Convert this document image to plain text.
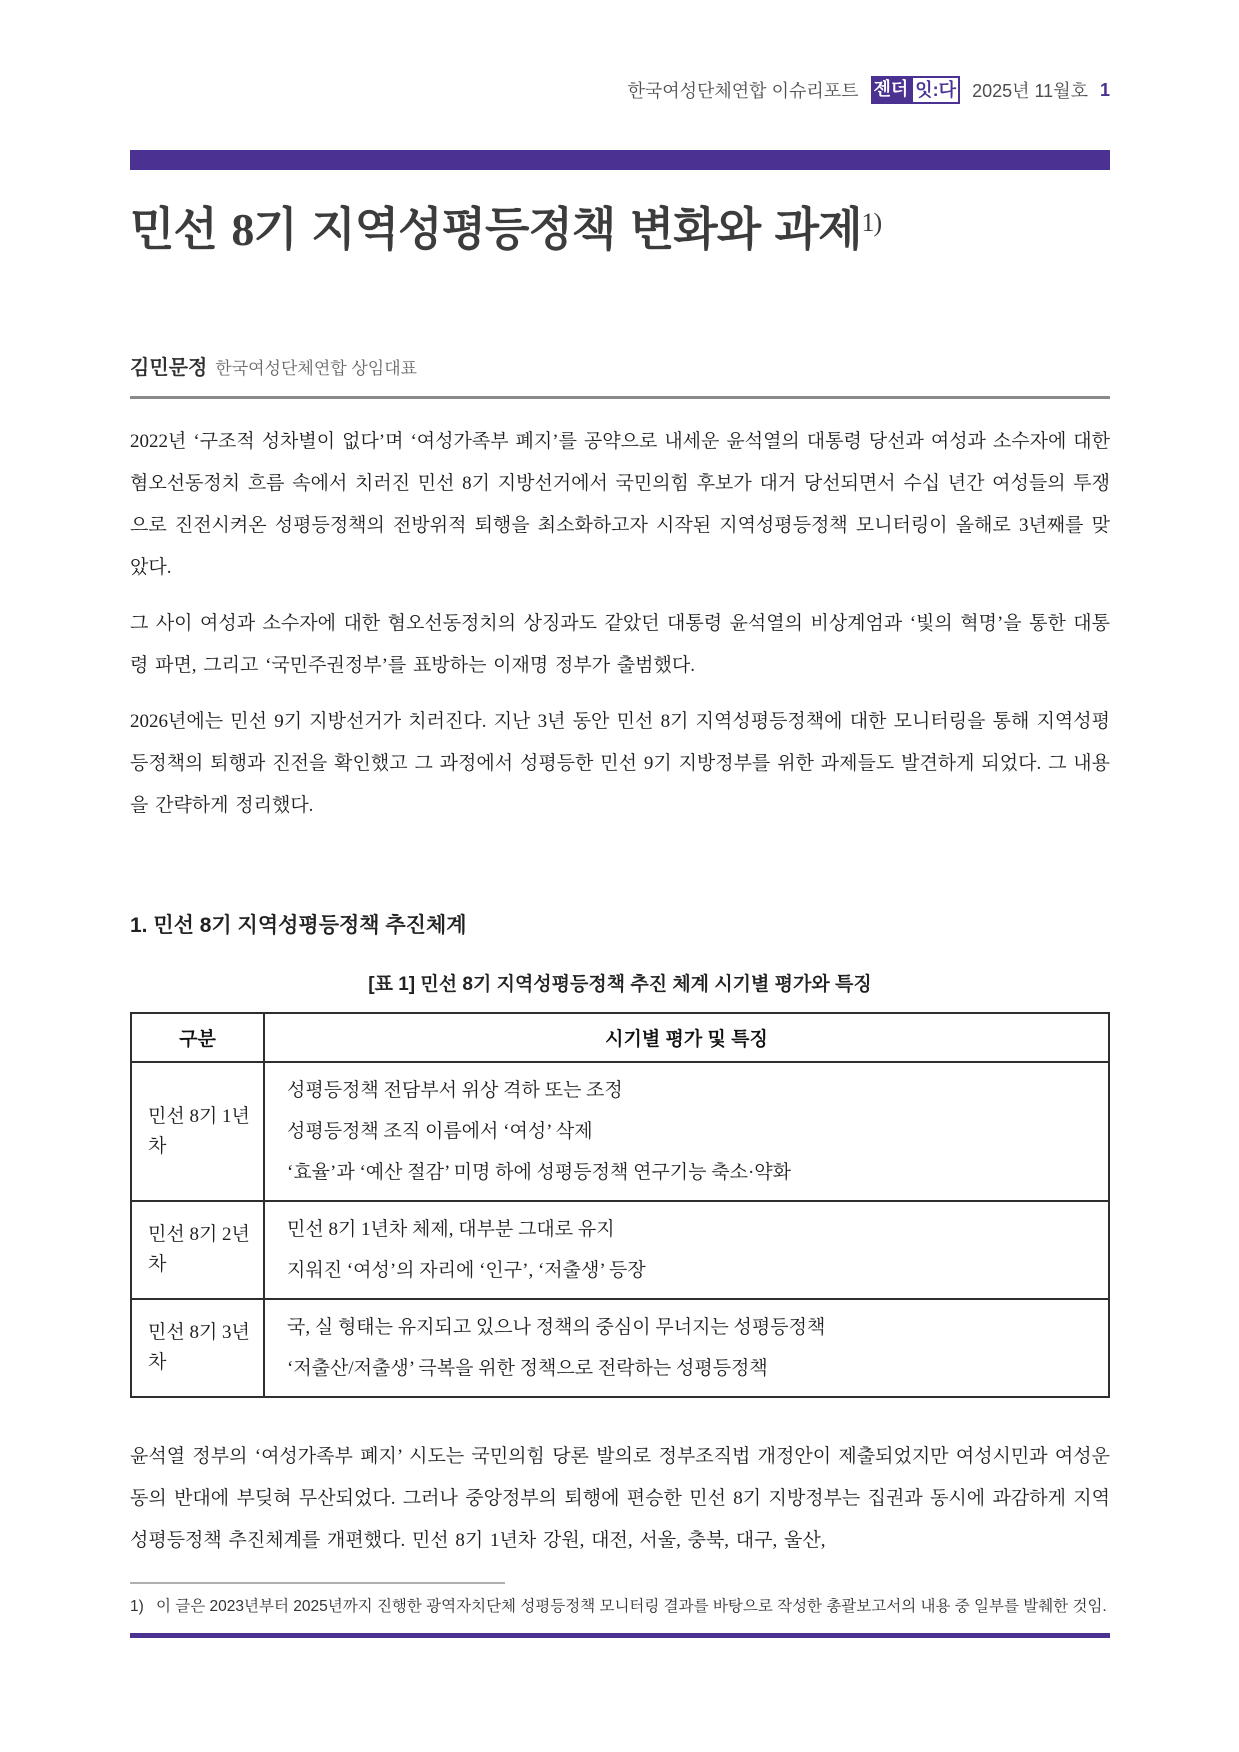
한국여성단체연합 이슈리포트 젠더 잇:다 2025년 11월호 1
민선 8기 지역성평등정책 변화와 과제$^{1)}$
김민문정 한국여성단체연합 상임대표

2022년 ‘구조적 성차별이 없다’며 ‘여성가족부 폐지’를 공약으로 내세운 윤석열의 대통령 당선과 여성과 소수자에 대한 혐오선동정치 흐름 속에서 치러진 민선 8기 지방선거에서 국민의힘 후보가 대거 당선되면서 수십 년간 여성들의 투쟁으로 진전시켜온 성평등정책의 전방위적 퇴행을 최소화하고자 시작된 지역성평등정책 모니터링이 올해로 3년째를 맞았다.

그 사이 여성과 소수자에 대한 혐오선동정치의 상징과도 같았던 대통령 윤석열의 비상계엄과 ‘빛의 혁명’을 통한 대통령 파면, 그리고 ‘국민주권정부’를 표방하는 이재명 정부가 출범했다.

2026년에는 민선 9기 지방선거가 치러진다. 지난 3년 동안 민선 8기 지역성평등정책에 대한 모니터링을 통해 지역성평등정책의 퇴행과 진전을 확인했고 그 과정에서 성평등한 민선 9기 지방정부를 위한 과제들도 발견하게 되었다. 그 내용을 간략하게 정리했다.

1. 민선 8기 지역성평등정책 추진체계
[표 1] 민선 8기 지역성평등정책 추진 체계 시기별 평가와 특징
구분	시기별 평가 및 특징
민선 8기 1년차	성평등정책 전담부서 위상 격하 또는 조정
성평등정책 조직 이름에서 ‘여성’ 삭제
‘효율’과 ‘예산 절감’ 미명 하에 성평등정책 연구기능 축소·약화

민선 8기 2년차	민선 8기 1년차 체제, 대부분 그대로 유지
지워진 ‘여성’의 자리에 ‘인구’, ‘저출생’ 등장

민선 8기 3년차	국, 실 형태는 유지되고 있으나 정책의 중심이 무너지는 성평등정책
‘저출산/저출생’ 극복을 위한 정책으로 전락하는 성평등정책

윤석열 정부의 ‘여성가족부 폐지’ 시도는 국민의힘 당론 발의로 정부조직법 개정안이 제출되었지만 여성시민과 여성운동의 반대에 부딪혀 무산되었다. 그러나 중앙정부의 퇴행에 편승한 민선 8기 지방정부는 집권과 동시에 과감하게 지역성평등정책 추진체계를 개편했다. 민선 8기 1년차 강원, 대전, 서울, 충북, 대구, 울산,

1) 이 글은 2023년부터 2025년까지 진행한 광역자치단체 성평등정책 모니터링 결과를 바탕으로 작성한 총괄보고서의 내용 중 일부를 발췌한 것임.
